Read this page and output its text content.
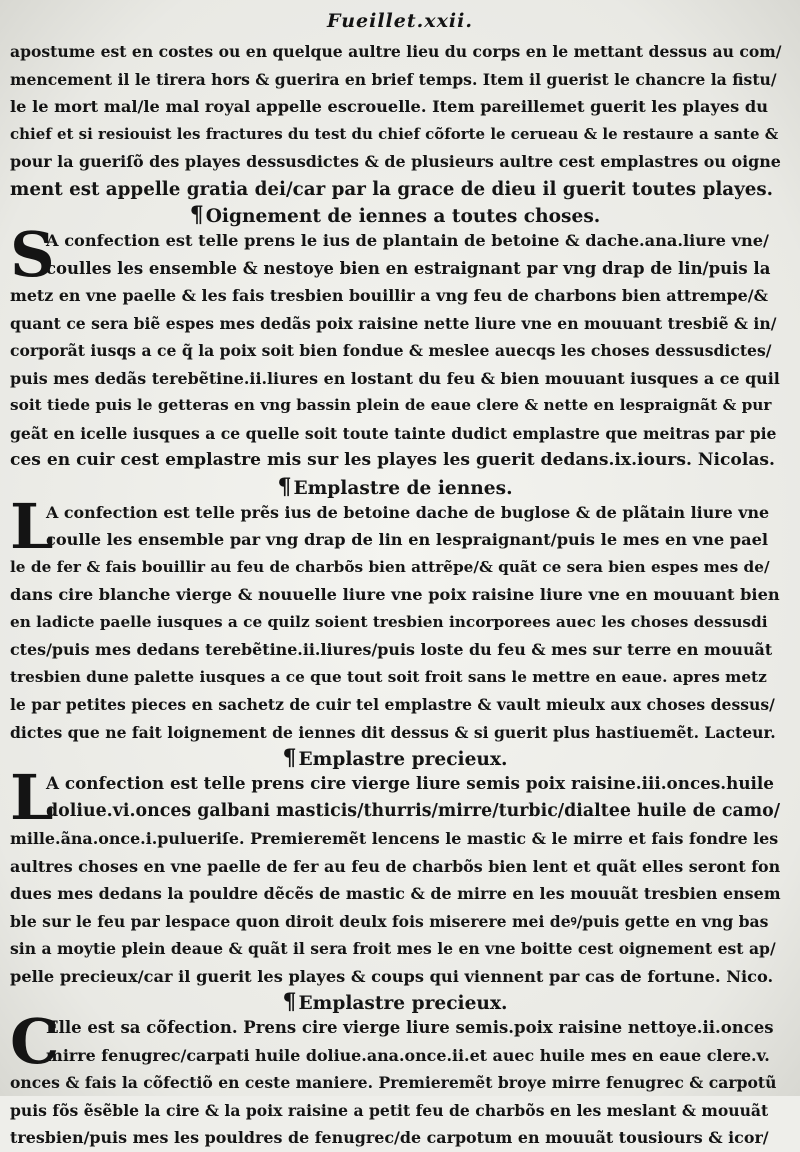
Fueillet.xxii.
apostume est en costes ou en quelque aultre lieu du corps en le mettant dessus au com/
mencement il le tirera hors & guerira en brief temps. Item il guerist le chancre la fistu/
le le mort mal/le mal royal appelle escrouelle. Item pareillemet guerit les playes du
chief et si resiouist les fractures du test du chief cõforte le cerueau & le restaure a sante &
pour la gueriſõ des playes dessusdictes & de plusieurs aultre cest emplastres ou oigne
ment est appelle gratia dei/car par la grace de dieu il guerit toutes playes.
¶ Oignement de iennes a toutes choses.
S
A confection est telle prens le ius de plantain de betoine & dache.ana.liure vne/
coulles les ensemble & nestoye bien en estraignant par vng drap de lin/puis la
metz en vne paelle & les fais tresbien bouillir a vng feu de charbons bien attrempe/&
quant ce sera biẽ espes mes dedãs poix raisine nette liure vne en mouuant tresbiẽ & in/
corporãt iusqs a ce q̃ la poix soit bien fondue & meslee auecqs les choses dessusdictes/
puis mes dedãs terebẽtine.ii.liures en lostant du feu & bien mouuant iusques a ce quil
soit tiede puis le getteras en vng bassin plein de eaue clere & nette en lespraignãt & pur
geãt en icelle iusques a ce quelle soit toute tainte dudict emplastre que meitras par pie
ces en cuir cest emplastre mis sur les playes les guerit dedans.ix.iours. Nicolas.
¶ Emplastre de iennes.
L
A confection est telle prẽs ius de betoine dache de buglose & de plãtain liure vne
coulle les ensemble par vng drap de lin en lespraignant/puis le mes en vne pael
le de fer & fais bouillir au feu de charbõs bien attrẽpe/& quãt ce sera bien espes mes de/
dans cire blanche vierge & nouuelle liure vne poix raisine liure vne en mouuant bien
en ladicte paelle iusques a ce quilz soient tresbien incorporees auec les choses dessusdi
ctes/puis mes dedans terebẽtine.ii.liures/puis loste du feu & mes sur terre en mouuãt
tresbien dune palette iusques a ce que tout soit froit sans le mettre en eaue. apres metz
le par petites pieces en sachetz de cuir tel emplastre & vault mieulx aux choses dessus/
dictes que ne fait loignement de iennes dit dessus & si guerit plus hastiuemẽt. Lacteur.
¶ Emplastre precieux.
L
A confection est telle prens cire vierge liure semis poix raisine.iii.onces.huile
doliue.vi.onces galbani masticis/thurris/mirre/turbic/dialtee huile de camo/
mille.ãna.once.i.pulueriſe. Premieremẽt lencens le mastic & le mirre et fais fondre les
aultres choses en vne paelle de fer au feu de charbõs bien lent et quãt elles seront fon
dues mes dedans la pouldre dẽcẽs de mastic & de mirre en les mouuãt tresbien ensem
ble sur le feu par lespace quon diroit deulx fois miserere mei deꝰ/puis gette en vng bas
sin a moytie plein deaue & quãt il sera froit mes le en vne boitte cest oignement est ap/
pelle precieux/car il guerit les playes & coups qui viennent par cas de fortune. Nico.
¶ Emplastre precieux.
C
Elle est sa cõfection. Prens cire vierge liure semis.poix raisine nettoye.ii.onces
mirre fenugrec/carpati huile doliue.ana.once.ii.et auec huile mes en eaue clere.v.
onces & fais la cõfectiõ en ceste maniere. Premieremẽt broye mirre fenugrec & carpotũ
puis fõs ẽsẽble la cire & la poix raisine a petit feu de charbõs en les meslant & mouuãt
tresbien/puis mes les pouldres de fenugrec/de carpotum en mouuãt tousiours & icor/
